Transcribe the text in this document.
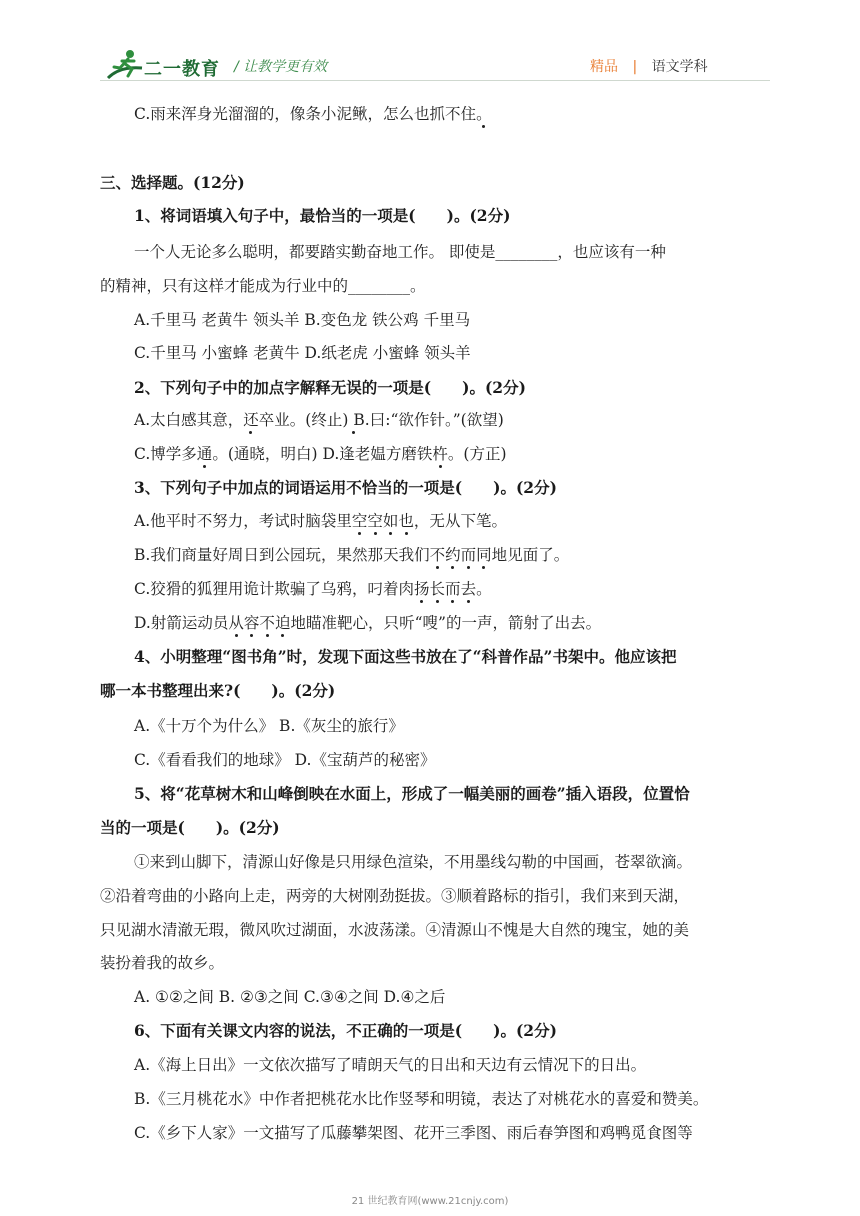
二一教育 / 让教学更有效	精品 | 语文学科
C.雨来浑身光溜溜的，像条小泥鳅，怎么也抓不住。
三、选择题。(12分)
1、将词语填入句子中，最恰当的一项是(　　)。(2分)
一个人无论多么聪明，都要踏实勤奋地工作。 即使是________，也应该有一种
的精神，只有这样才能成为行业中的________。
A.千里马 老黄牛 领头羊 B.变色龙 铁公鸡 千里马
C.千里马 小蜜蜂 老黄牛 D.纸老虎 小蜜蜂 领头羊
2、下列句子中的加点字解释无误的一项是(　　)。(2分)
A.太白感其意，还卒业。(终止) B.曰:“欲作针。”(欲望)
C.博学多通。(通晓，明白) D.逢老媪方磨铁杵。(方正)
3、下列句子中加点的词语运用不恰当的一项是(　　)。(2分)
A.他平时不努力，考试时脑袋里空空如也，无从下笔。
B.我们商量好周日到公园玩，果然那天我们不约而同地见面了。
C.狡猾的狐狸用诡计欺骗了乌鸦，叼着肉扬长而去。
D.射箭运动员从容不迫地瞄准靶心，只听“嗖”的一声，箭射了出去。
4、小明整理“图书角”时，发现下面这些书放在了“科普作品”书架中。他应该把
哪一本书整理出来?(　　)。(2分)
A.《十万个为什么》 B.《灰尘的旅行》
C.《看看我们的地球》 D.《宝葫芦的秘密》
5、将“花草树木和山峰倒映在水面上，形成了一幅美丽的画卷”插入语段，位置恰
当的一项是(　　)。(2分)
①来到山脚下，清源山好像是只用绿色渲染，不用墨线勾勒的中国画，苍翠欲滴。
②沿着弯曲的小路向上走，两旁的大树刚劲挺拔。③顺着路标的指引，我们来到天湖，
只见湖水清澈无瑕，微风吹过湖面，水波荡漾。④清源山不愧是大自然的瑰宝，她的美
装扮着我的故乡。
A. ①②之间 B. ②③之间 C.③④之间 D.④之后
6、下面有关课文内容的说法，不正确的一项是(　　)。(2分)
A.《海上日出》一文依次描写了晴朗天气的日出和天边有云情况下的日出。
B.《三月桃花水》中作者把桃花水比作竖琴和明镜，表达了对桃花水的喜爱和赞美。
C.《乡下人家》一文描写了瓜藤攀架图、花开三季图、雨后春笋图和鸡鸭觅食图等
21 世纪教育网(www.21cnjy.com)
